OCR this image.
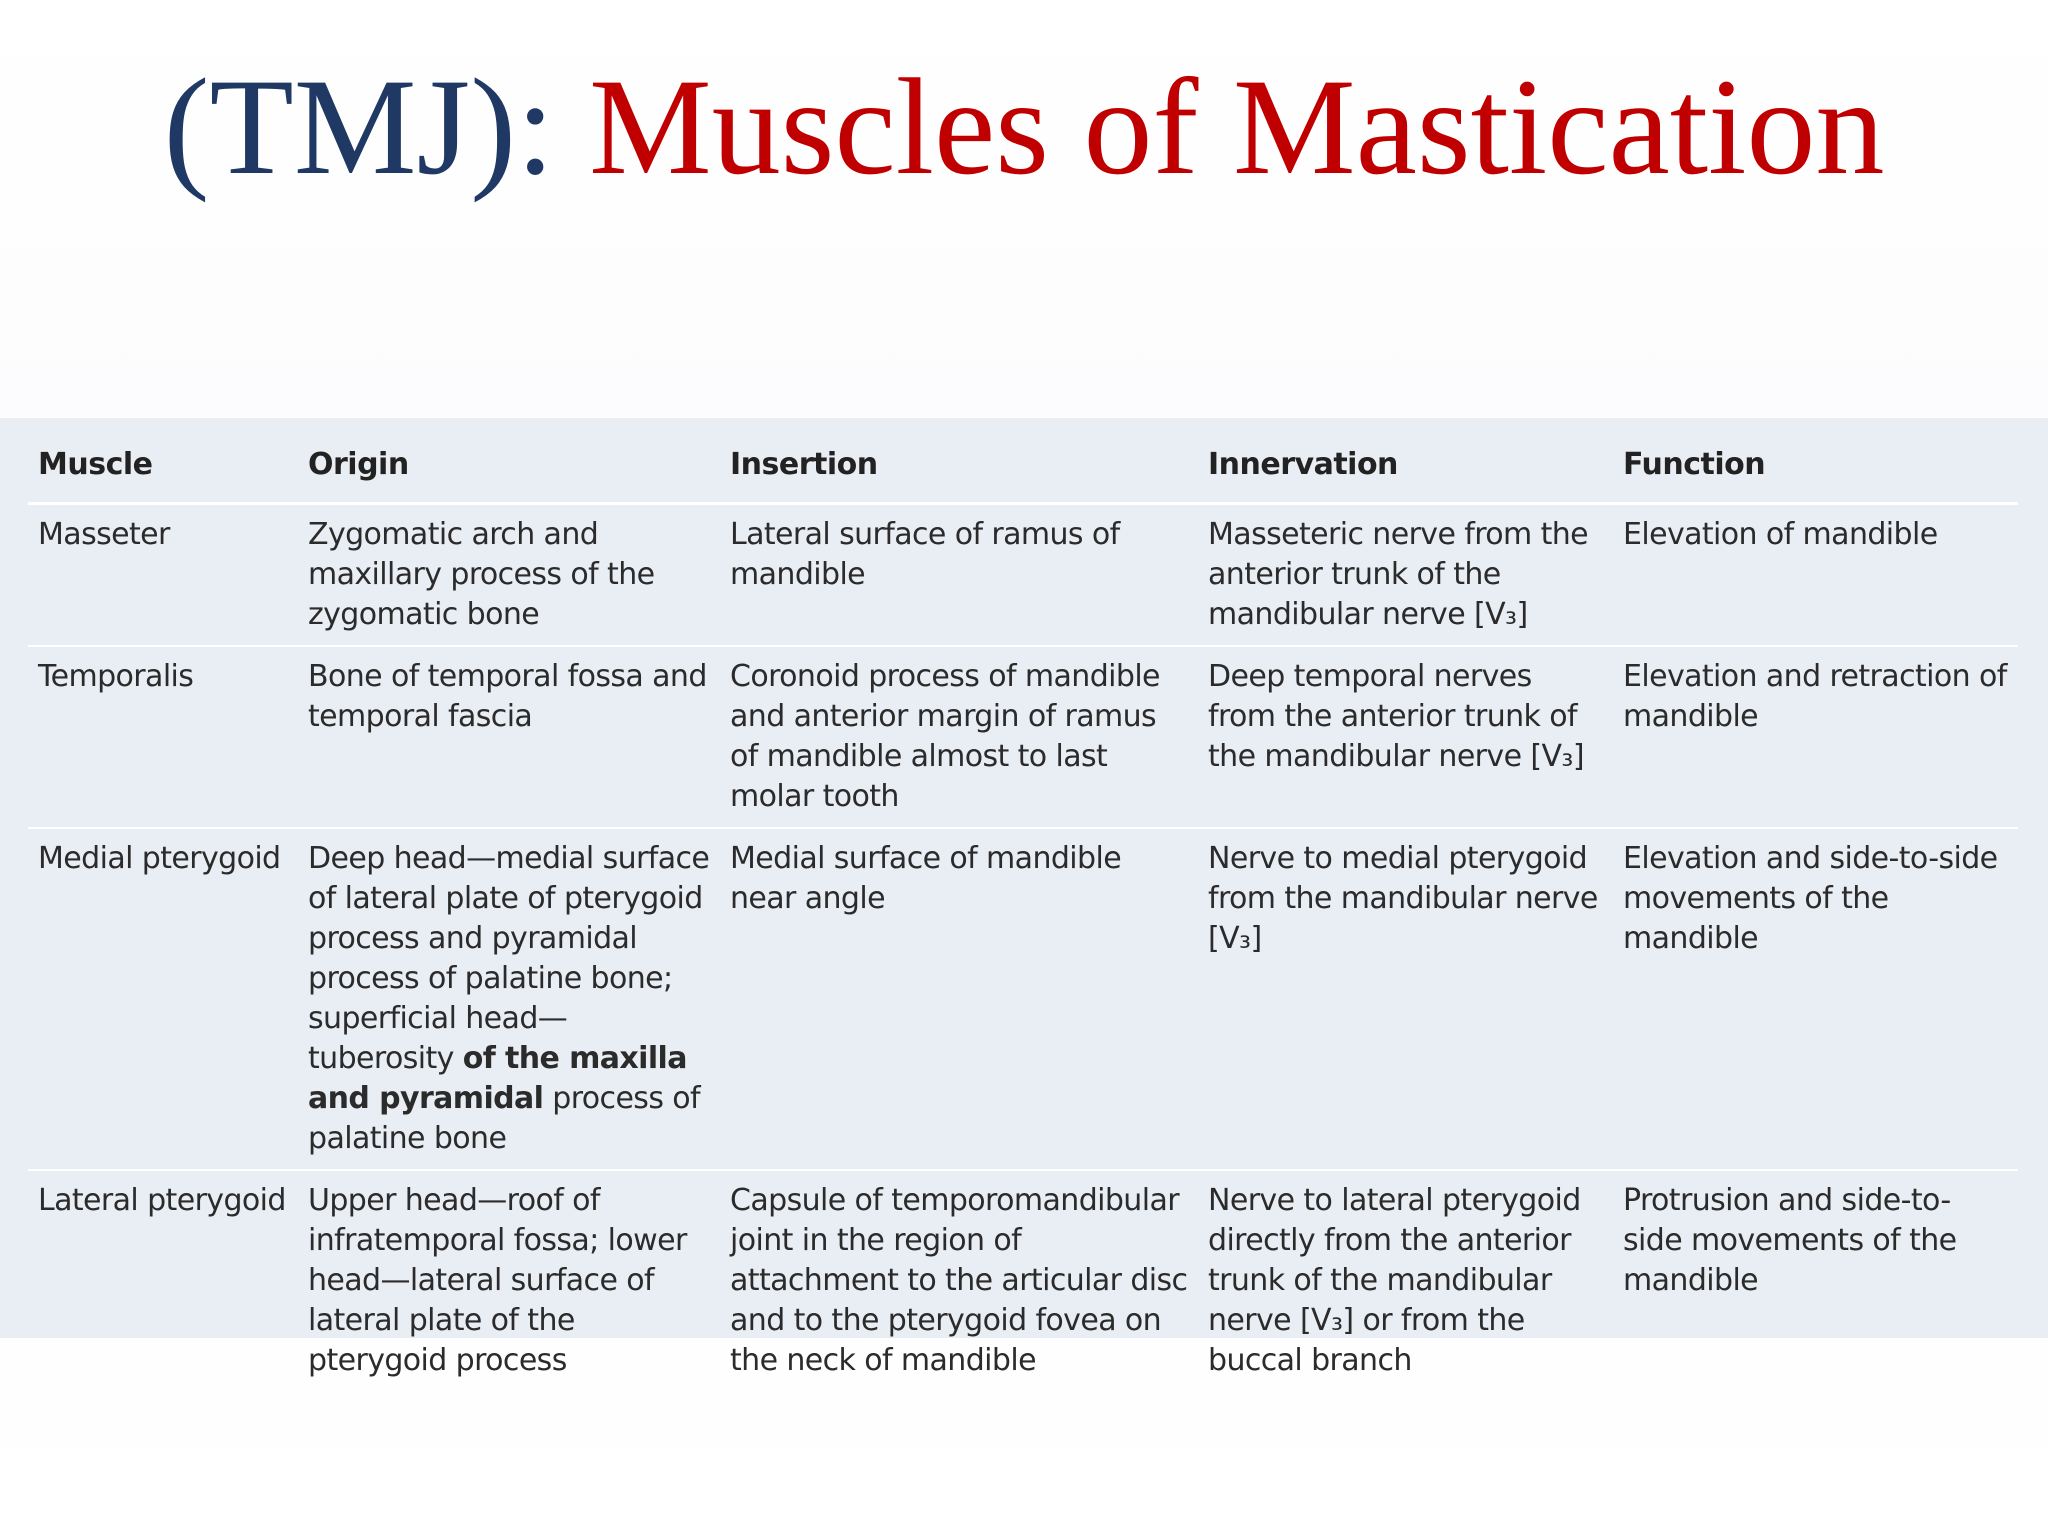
(TMJ): Muscles of Mastication
Muscle	Origin	Insertion	Innervation	Function
Masseter	Zygomatic arch and maxillary process of the zygomatic bone	Lateral surface of ramus of mandible	Masseteric nerve from the anterior trunk of the mandibular nerve [V₃]	Elevation of mandible
Temporalis	Bone of temporal fossa and temporal fascia	Coronoid process of mandible and anterior margin of ramus of mandible almost to last molar tooth	Deep temporal nerves from the anterior trunk of the mandibular nerve [V₃]	Elevation and retraction of mandible
Medial pterygoid	Deep head—medial surface of lateral plate of pterygoid process and pyramidal process of palatine bone; superficial head—tuberosity of the maxilla and pyramidal process of palatine bone	Medial surface of mandible near angle	Nerve to medial pterygoid from the mandibular nerve [V₃]	Elevation and side-to-side movements of the mandible
Lateral pterygoid	Upper head—roof of infratemporal fossa; lower head—lateral surface of lateral plate of the pterygoid process	Capsule of temporomandibular joint in the region of attachment to the articular disc and to the pterygoid fovea on the neck of mandible	Nerve to lateral pterygoid directly from the anterior trunk of the mandibular nerve [V₃] or from the buccal branch	Protrusion and side-to-side movements of the mandible
